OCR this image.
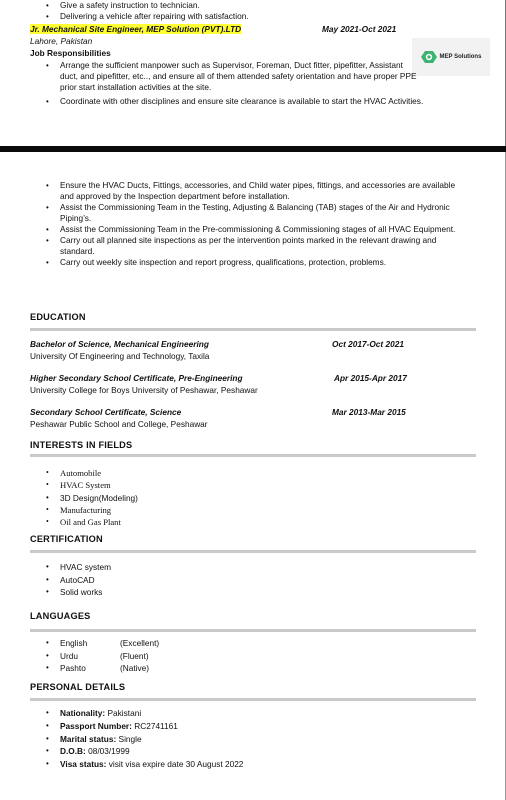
• Give a safety instruction to technician.
• Delivering a vehicle after repairing with satisfaction.
Jr. Mechanical Site Engineer, MEP Solution (PVT).LTD	May 2021-Oct 2021
Lahore, Pakistan
Job Responsibilities	MEP Solutions
• Arrange the sufficient manpower such as Supervisor, Foreman, Duct fitter, pipefitter, Assistant duct, and pipefitter, etc.., and ensure all of them attended safety orientation and have proper PPE prior start installation activities at the site.
• Coordinate with other disciplines and ensure site clearance is available to start the HVAC Activities.
• Ensure the HVAC Ducts, Fittings, accessories, and Child water pipes, fittings, and accessories are available and approved by the Inspection department before installation.
• Assist the Commissioning Team in the Testing, Adjusting & Balancing (TAB) stages of the Air and Hydronic Piping’s.
• Assist the Commissioning Team in the Pre-commissioning & Commissioning stages of all HVAC Equipment.
• Carry out all planned site inspections as per the intervention points marked in the relevant drawing and standard.
• Carry out weekly site inspection and report progress, qualifications, protection, problems.
EDUCATION
Bachelor of Science, Mechanical Engineering	Oct 2017-Oct 2021
University Of Engineering and Technology, Taxila
Higher Secondary School Certificate, Pre-Engineering	Apr 2015-Apr 2017
University College for Boys University of Peshawar, Peshawar
Secondary School Certificate, Science	Mar 2013-Mar 2015
Peshawar Public School and College, Peshawar
INTERESTS IN FIELDS
• Automobile
• HVAC System
• 3D Design(Modeling)
• Manufacturing
• Oil and Gas Plant
CERTIFICATION
• HVAC system
• AutoCAD
• Solid works
LANGUAGES
• English	(Excellent)
• Urdu	(Fluent)
• Pashto	(Native)
PERSONAL DETAILS
• Nationality: Pakistani
• Passport Number: RC2741161
• Marital status: Single
• D.O.B: 08/03/1999
• Visa status: visit visa expire date 30 August 2022
